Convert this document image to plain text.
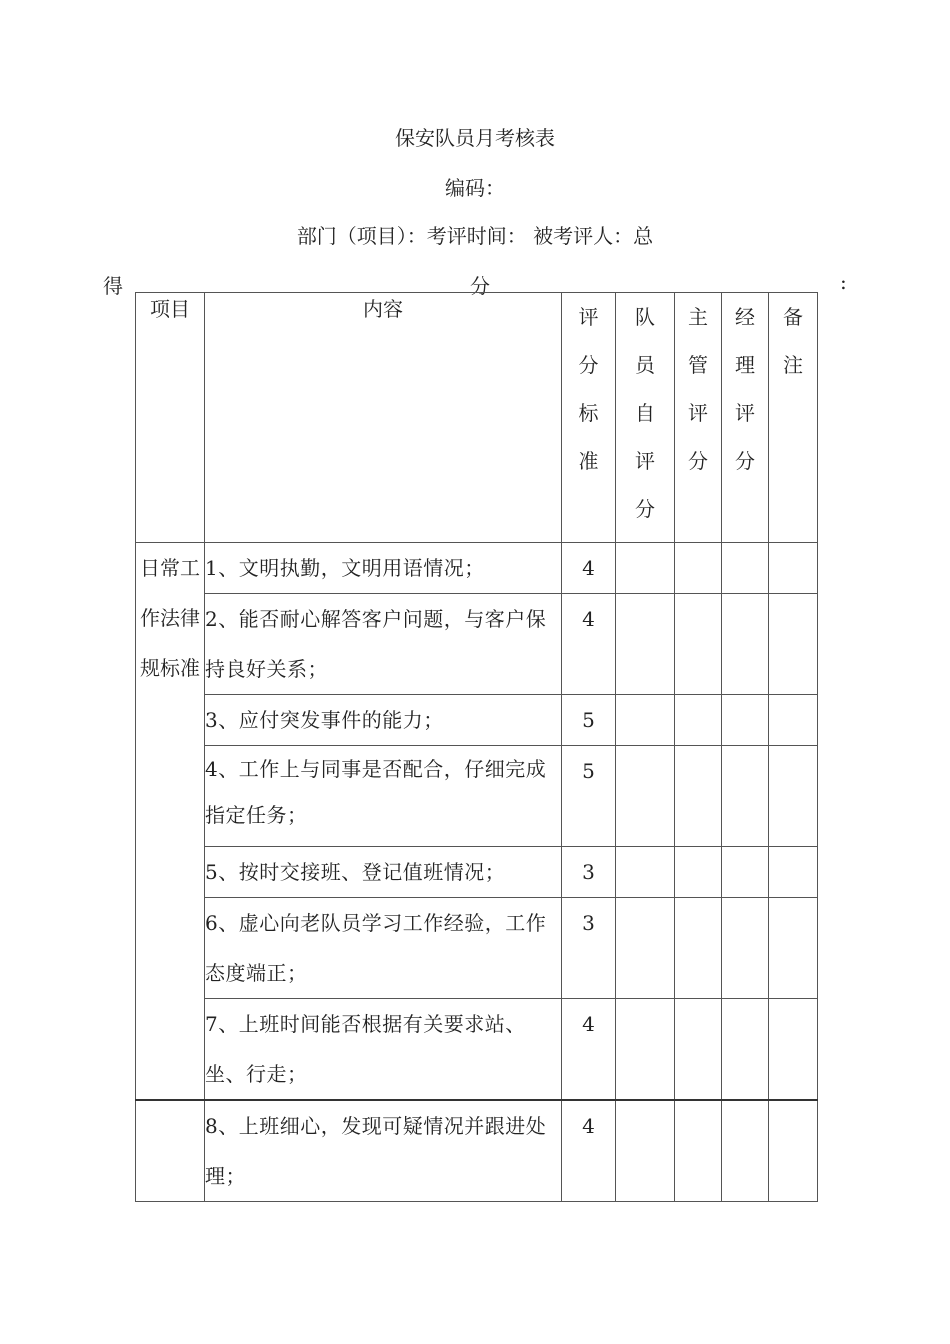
保安队员月考核表
编码：
部门（项目）：考评时间： 被考评人：总
得	分	:
项目	内容	评分标准	队员自评分	主管评分	经理评分	备注
日常工作法律规标准	1、文明执勤，文明用语情况；	4				
	2、能否耐心解答客户问题，与客户保持良好关系；	4				
	3、应付突发事件的能力；	5				
	4、工作上与同事是否配合，仔细完成指定任务；	5				
	5、按时交接班、登记值班情况；	3				
	6、虚心向老队员学习工作经验，工作态度端正；	3				
	7、上班时间能否根据有关要求站、坐、行走；	4				
	8、上班细心，发现可疑情况并跟进处理；	4				
